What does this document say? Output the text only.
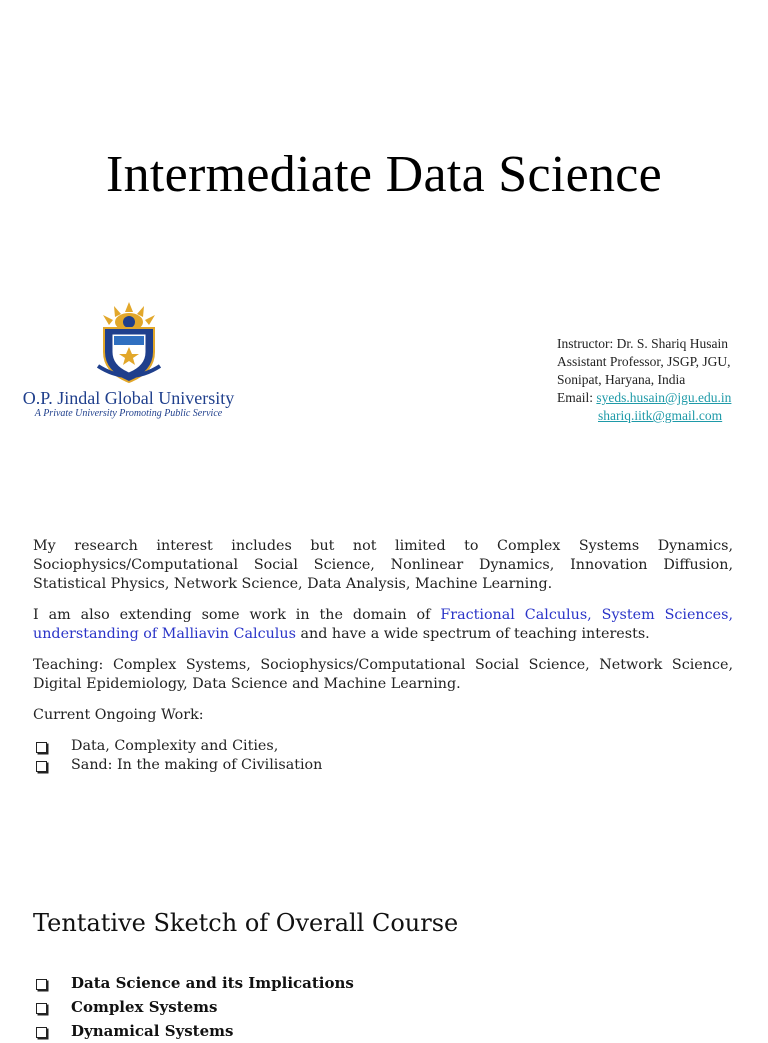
Intermediate Data Science
O.P. Jindal Global University
A Private University Promoting Public Service
Instructor: Dr. S. Shariq Husain
Assistant Professor, JSGP, JGU,
Sonipat, Haryana, India
Email: syeds.husain@jgu.edu.in
shariq.iitk@gmail.com
My research interest includes but not limited to Complex Systems Dynamics, Sociophysics/Computational Social Science, Nonlinear Dynamics, Innovation Diffusion, Statistical Physics, Network Science, Data Analysis, Machine Learning.
I am also extending some work in the domain of Fractional Calculus, System Sciences, understanding of Malliavin Calculus and have a wide spectrum of teaching interests.
Teaching: Complex Systems, Sociophysics/Computational Social Science, Network Science, Digital Epidemiology, Data Science and Machine Learning.
Current Ongoing Work:
Data, Complexity and Cities,
Sand: In the making of Civilisation
Tentative Sketch of Overall Course
Data Science and its Implications
Complex Systems
Dynamical Systems
